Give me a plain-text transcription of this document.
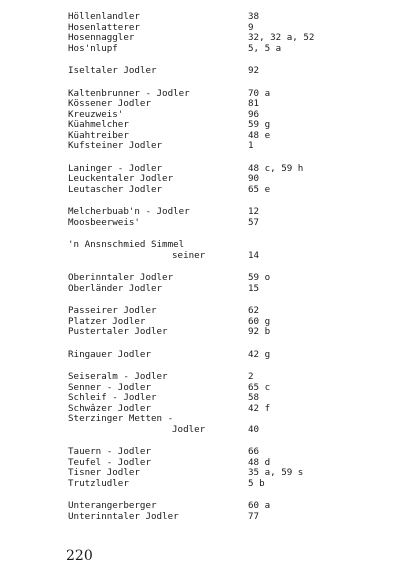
Höllenlandler	38
Hosenlatterer	9
Hosennaggler	32, 32 a, 52
Hos'nlupf	5, 5 a
Iseltaler Jodler	92
Kaltenbrunner - Jodler	70 a
Kössener Jodler	81
Kreuzweis'	96
Küahmelcher	59 g
Küahtreiber	48 e
Kufsteiner Jodler	1
Laninger - Jodler	48 c, 59 h
Leuckentaler Jodler	90
Leutascher Jodler	65 e
Melcherbuab'n - Jodler	12
Moosbeerweis'	57
'n Ansnschmied Simmel
seiner	14
Oberinntaler Jodler	59 o
Oberländer Jodler	15
Passeirer Jodler	62
Platzer Jodler	60 g
Pustertaler Jodler	92 b
Ringauer Jodler	42 g
Seiseralm - Jodler	2
Senner - Jodler	65 c
Schleif - Jodler	58
Schwâzer Jodler	42 f
Sterzinger Metten -
Jodler	40
Tauern - Jodler	66
Teufel - Jodler	48 d
Tisner Jodler	35 a, 59 s
Trutzludler	5 b
Unterangerberger	60 a
Unterinntaler Jodler	77
220
